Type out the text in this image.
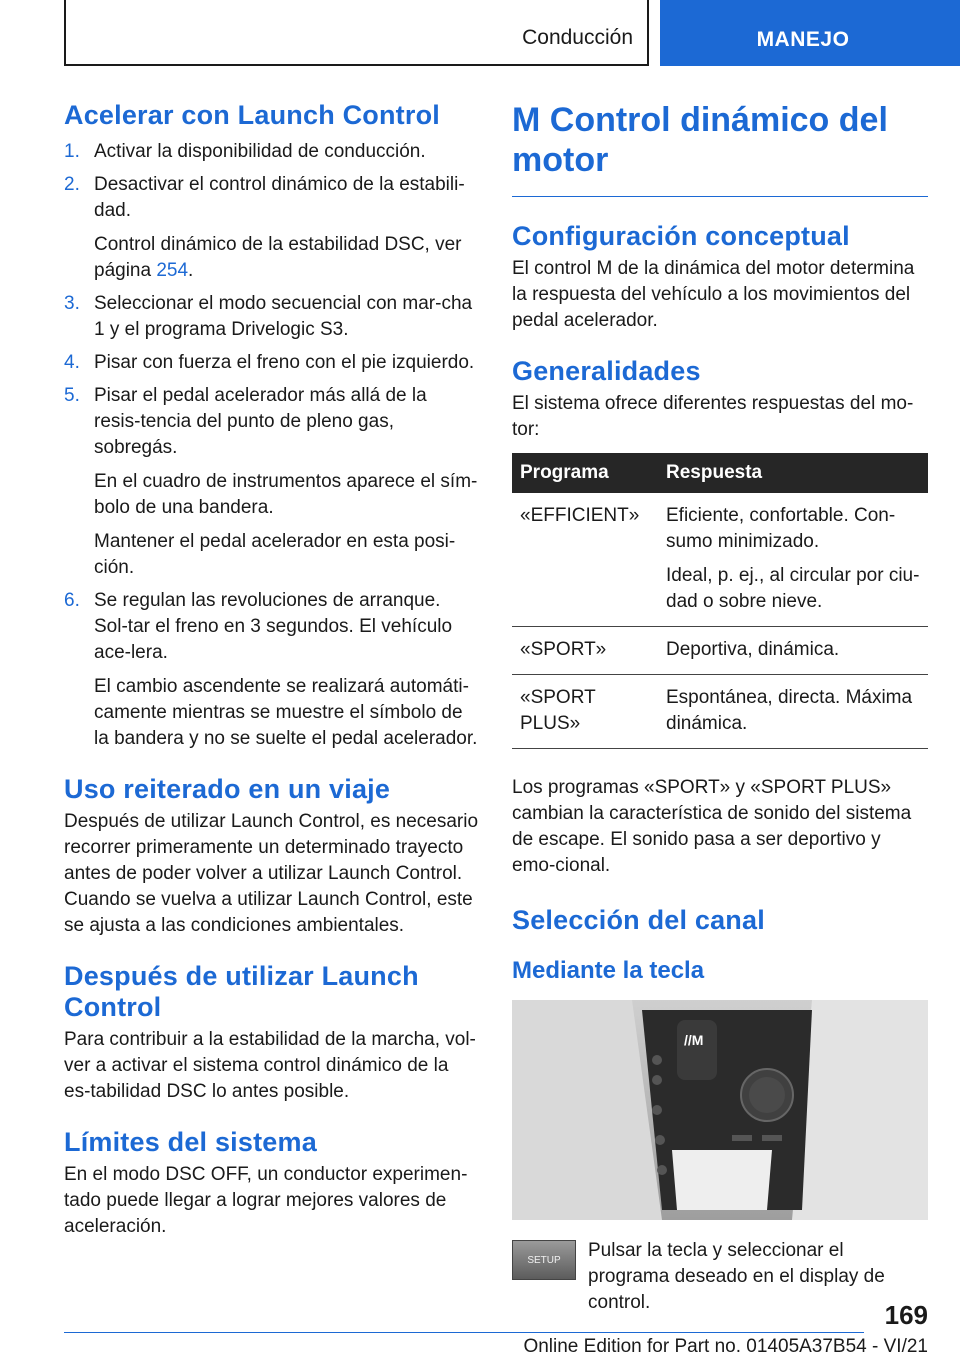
Conducción	MANEJO
Acelerar con Launch Control
1. Activar la disponibilidad de conducción.

2. Desactivar el control dinámico de la estabili-dad.

Control dinámico de la estabilidad DSC, ver página 254.

3. Seleccionar el modo secuencial con mar-cha 1 y el programa Drivelogic S3.

4. Pisar con fuerza el freno con el pie izquierdo.

5. Pisar el pedal acelerador más allá de la resis-tencia del punto de pleno gas, sobregás.

En el cuadro de instrumentos aparece el sím-bolo de una bandera.

Mantener el pedal acelerador en esta posi-ción.

6. Se regulan las revoluciones de arranque. Sol-tar el freno en 3 segundos. El vehículo ace-lera.

El cambio ascendente se realizará automáti-camente mientras se muestre el símbolo de la bandera y no se suelte el pedal acelerador.

Uso reiterado en un viaje

Después de utilizar Launch Control, es necesario recorrer primeramente un determinado trayecto antes de poder volver a utilizar Launch Control. Cuando se vuelva a utilizar Launch Control, este se ajusta a las condiciones ambientales.

Después de utilizar Launch Control

Para contribuir a la estabilidad de la marcha, vol-ver a activar el sistema control dinámico de la es-tabilidad DSC lo antes posible.

Límites del sistema

En el modo DSC OFF, un conductor experimen-tado puede llegar a lograr mejores valores de aceleración.

M Control dinámico del motor
Configuración conceptual

El control M de la dinámica del motor determina la respuesta del vehículo a los movimientos del pedal acelerador.

Generalidades

El sistema ofrece diferentes respuestas del mo-tor:

Programa	Respuesta
«EFFICIENT»	Eficiente, confortable. Con-sumo minimizado.

Ideal, p. ej., al circular por ciu-dad o sobre nieve.

«SPORT»	Deportiva, dinámica.

«SPORT PLUS»	Espontánea, directa. Máxima dinámica.

Los programas «SPORT» y «SPORT PLUS» cambian la característica de sonido del sistema de escape. El sonido pasa a ser deportivo y emo-cional.

Selección del canal
Mediante la tecla
//M
SETUP	Pulsar la tecla y seleccionar el programa deseado en el display de control.	169
Online Edition for Part no. 01405A37B54 - VI/21
